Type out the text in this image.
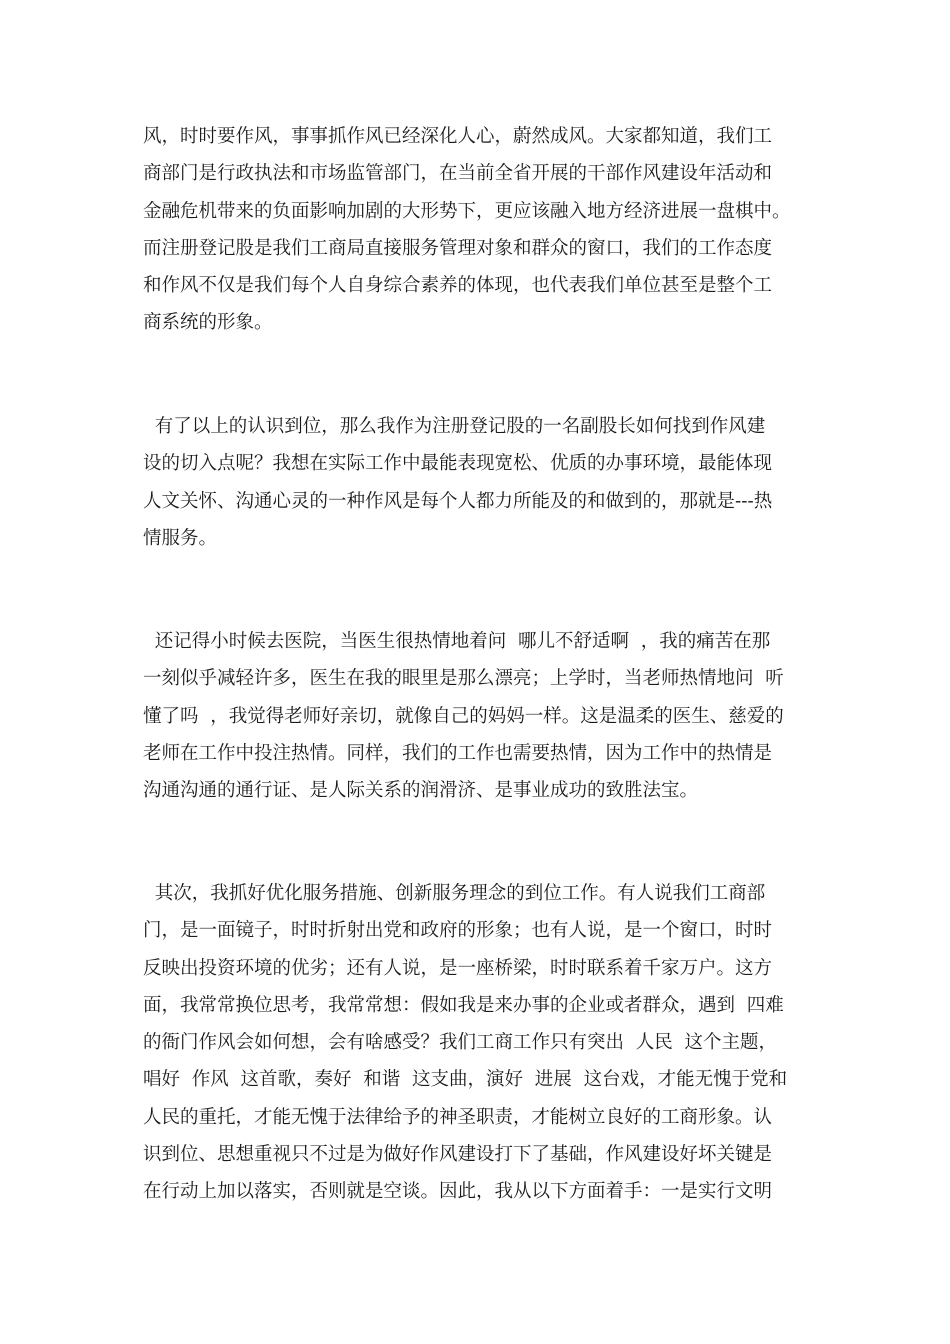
风，时时要作风，事事抓作风已经深化人心，蔚然成风。大家都知道，我们工
商部门是行政执法和市场监管部门，在当前全省开展的干部作风建设年活动和
金融危机带来的负面影响加剧的大形势下，更应该融入地方经济进展一盘棋中。
而注册登记股是我们工商局直接服务管理对象和群众的窗口，我们的工作态度
和作风不仅是我们每个人自身综合素养的体现，也代表我们单位甚至是整个工
商系统的形象。
有了以上的认识到位，那么我作为注册登记股的一名副股长如何找到作风建
设的切入点呢？我想在实际工作中最能表现宽松、优质的办事环境，最能体现
人文关怀、沟通心灵的一种作风是每个人都力所能及的和做到的，那就是---热
情服务。
还记得小时候去医院，当医生很热情地着问  哪儿不舒适啊  ，我的痛苦在那
一刻似乎减轻许多，医生在我的眼里是那么漂亮；上学时，当老师热情地问  听
懂了吗  ，我觉得老师好亲切，就像自己的妈妈一样。这是温柔的医生、慈爱的
老师在工作中投注热情。同样，我们的工作也需要热情，因为工作中的热情是
沟通沟通的通行证、是人际关系的润滑济、是事业成功的致胜法宝。
其次，我抓好优化服务措施、创新服务理念的到位工作。有人说我们工商部
门，是一面镜子，时时折射出党和政府的形象；也有人说，是一个窗口，时时
反映出投资环境的优劣；还有人说，是一座桥梁，时时联系着千家万户。这方
面，我常常换位思考，我常常想：假如我是来办事的企业或者群众，遇到  四难
的衙门作风会如何想，会有啥感受？我们工商工作只有突出  人民  这个主题，
唱好  作风  这首歌，奏好  和谐  这支曲，演好  进展  这台戏，才能无愧于党和
人民的重托，才能无愧于法律给予的神圣职责，才能树立良好的工商形象。认
识到位、思想重视只不过是为做好作风建设打下了基础，作风建设好坏关键是
在行动上加以落实，否则就是空谈。因此，我从以下方面着手：一是实行文明
